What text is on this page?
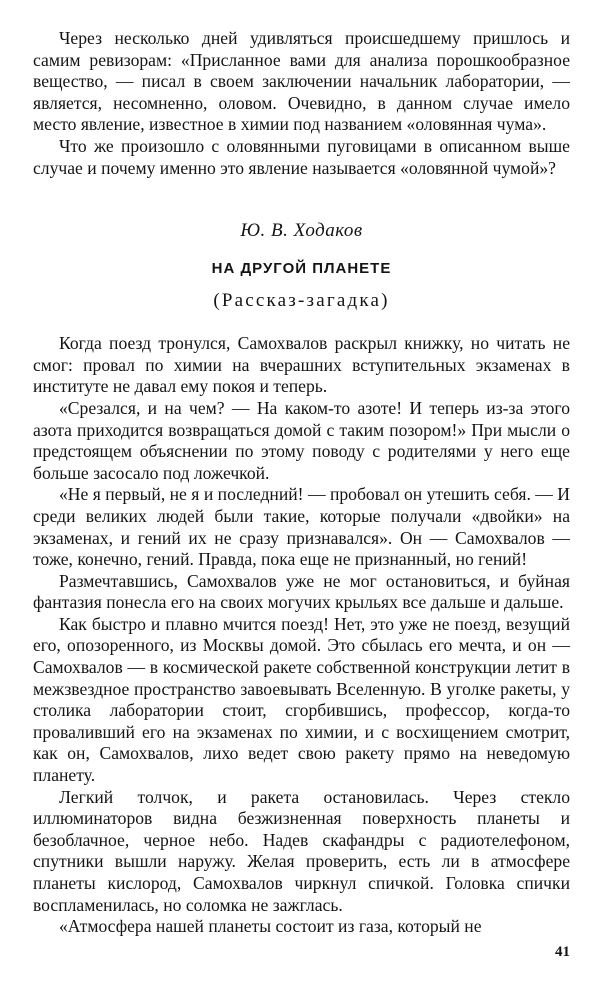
Через несколько дней удивляться происшедшему пришлось и самим ревизорам: «Присланное вами для анализа порошкообразное вещество, — писал в своем заключении начальник лаборатории, — является, несомненно, оловом. Очевидно, в данном случае имело место явление, известное в химии под названием «оловянная чума».

Что же произошло с оловянными пуговицами в описанном выше случае и почему именно это явление называется «оловянной чумой»?

Ю. В. Ходаков
НА ДРУГОЙ ПЛАНЕТЕ
(Рассказ-загадка)

Когда поезд тронулся, Самохвалов раскрыл книжку, но читать не смог: провал по химии на вчерашних вступительных экзаменах в институте не давал ему покоя и теперь.

«Срезался, и на чем? — На каком-то азоте! И теперь из-за этого азота приходится возвращаться домой с таким позором!» При мысли о предстоящем объяснении по этому поводу с родителями у него еще больше засосало под ложечкой.

«Не я первый, не я и последний! — пробовал он утешить себя. — И среди великих людей были такие, которые получали «двойки» на экзаменах, и гений их не сразу признавался». Он — Самохвалов — тоже, конечно, гений. Правда, пока еще не признанный, но гений!

Размечтавшись, Самохвалов уже не мог остановиться, и буйная фантазия понесла его на своих могучих крыльях все дальше и дальше.

Как быстро и плавно мчится поезд! Нет, это уже не поезд, везущий его, опозоренного, из Москвы домой. Это сбылась его мечта, и он — Самохвалов — в космической ракете собственной конструкции летит в межзвездное пространство завоевывать Вселенную. В уголке ракеты, у столика лаборатории стоит, сгорбившись, профессор, когда-то проваливший его на экзаменах по химии, и с восхищением смотрит, как он, Самохвалов, лихо ведет свою ракету прямо на неведомую планету.

Легкий толчок, и ракета остановилась. Через стекло иллюминаторов видна безжизненная поверхность планеты и безоблачное, черное небо. Надев скафандры с радиотелефоном, спутники вышли наружу. Желая проверить, есть ли в атмосфере планеты кислород, Самохвалов чиркнул спичкой. Головка спички воспламенилась, но соломка не зажглась.

«Атмосфера нашей планеты состоит из газа, который не

41
